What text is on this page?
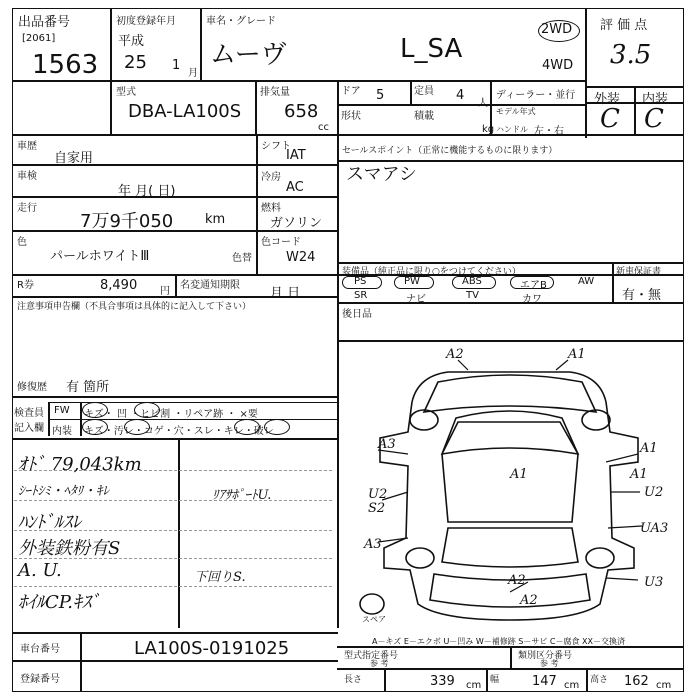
出品番号
[2061]
1563
初度登録年月
平成
25 1
月
車名・グレード
ムーヴ	L_SA
2WD
4WD
評 価 点
3.5
外装 内装
C C
型式
DBA-LA100S
排気量
658
cc
ドア 5	定員 4
人
ディーラー・並行
モデル年式
形状	積載
kg ハンドル 左・右
車歴
自家用
シフト
IAT
車検
年 月( 日)
冷房
AC
走行
7万9千050 km
燃料
ガソリン
色
パールホワイトⅢ	色替
色コード
W24
R券	8,490 円
名変通知期限
月 日
セールスポイント（正常に機能するものに限ります）
スマアシ
装備品（純正品に限り○をつけてください）	新車保証書
有・無
PS	PW	ABS	エアB	AW
SR	ナビ	TV	カワ
後日品
注意事項申告欄（不具合事項は具体的に記入して下さい）
修復歴 有 箇所
検査員記入欄
FW キズ・ 凹 ・ヒビ割 ・リペア跡 ・ ×要
内装 キズ・汚レ・コゲ・穴・スレ・キレ・破レ
ｵﾄﾞ 79,043km
ｼｰﾄｼﾐ・ﾍﾀﾘ・ｷﾚ	ﾘｱｻﾎﾟｰﾄU.
ﾊﾝﾄﾞﾙｽﾚ
外装鉄粉有S
A. U.	下回りS.
ﾎｲﾙCP.ｷｽﾞ
A2	A1
A3	A1
U2
S2
U2
A3
UA3
A2
A1
A2
U3
A1
スペア
A－キズ E－エクボ U－凹み W－補修跡 S－サビ C－腐食 XX－交換済
車台番号	LA100S-0191025
登録番号
型式指定番号
参 考
類別区分番号
参 考
長さ	339 cm 幅	147 cm 高さ 162 cm
